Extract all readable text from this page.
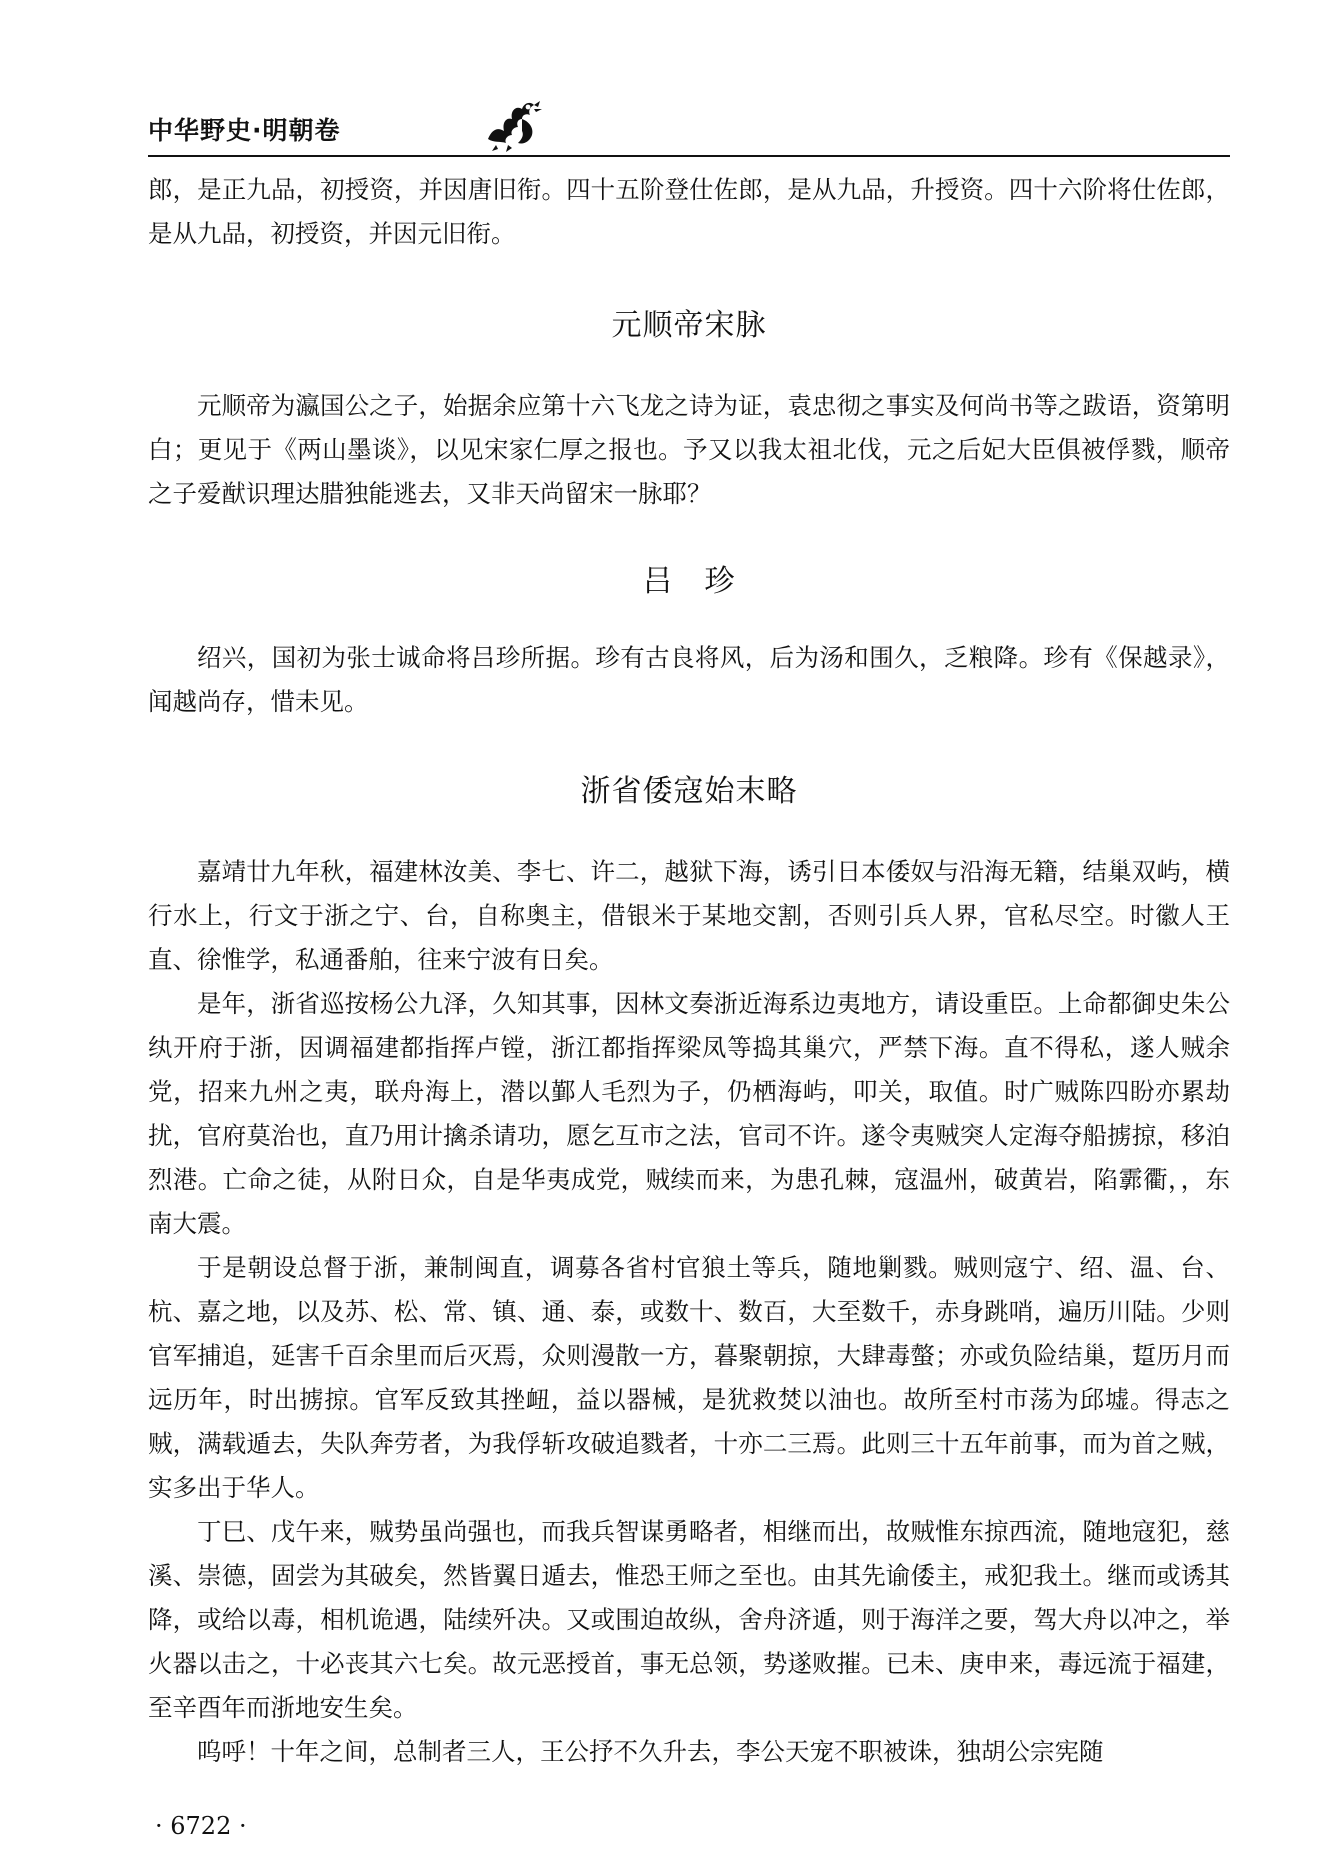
中华野史·明朝卷

郎，是正九品，初授资，并因唐旧衔。四十五阶登仕佐郎，是从九品，升授资。四十六阶将仕佐郎，是从九品，初授资，并因元旧衔。

元顺帝宋脉

元顺帝为瀛国公之子，始据余应第十六飞龙之诗为证，袁忠彻之事实及何尚书等之跋语，资第明白；更见于《两山墨谈》，以见宋家仁厚之报也。予又以我太祖北伐，元之后妃大臣俱被俘戮，顺帝之子爱猷识理达腊独能逃去，又非天尚留宋一脉耶？

吕　珍

绍兴，国初为张士诚命将吕珍所据。珍有古良将风，后为汤和围久，乏粮降。珍有《保越录》，闻越尚存，惜未见。

浙省倭寇始末略

嘉靖廿九年秋，福建林汝美、李七、许二，越狱下海，诱引日本倭奴与沿海无籍，结巢双屿，横行水上，行文于浙之宁、台，自称奥主，借银米于某地交割，否则引兵人界，官私尽空。时徽人王直、徐惟学，私通番舶，往来宁波有日矣。

是年，浙省巡按杨公九泽，久知其事，因林文奏浙近海系边夷地方，请设重臣。上命都御史朱公纨开府于浙，因调福建都指挥卢镗，浙江都指挥梁凤等捣其巢穴，严禁下海。直不得私，遂人贼余党，招来九州之夷，联舟海上，潜以鄞人毛烈为子，仍栖海屿，叩关，取值。时广贼陈四盼亦累劫扰，官府莫治也，直乃用计擒杀请功，愿乞互市之法，官司不许。遂令夷贼突人定海夺船掳掠，移泊烈港。亡命之徒，从附日众，自是华夷成党，贼续而来，为患孔棘，寇温州，破黄岩，陷霩衢，，东南大震。

于是朝设总督于浙，兼制闽直，调募各省村官狼土等兵，随地剿戮。贼则寇宁、绍、温、台、杭、嘉之地，以及苏、松、常、镇、通、泰，或数十、数百，大至数千，赤身跳哨，遍历川陆。少则官军捕追，延害千百余里而后灭焉，众则漫散一方，暮聚朝掠，大肆毒螫；亦或负险结巢，踅历月而远历年，时出掳掠。官军反致其挫衄，益以器械，是犹救焚以油也。故所至村市荡为邱墟。得志之贼，满载遁去，失队奔劳者，为我俘斩攻破追戮者，十亦二三焉。此则三十五年前事，而为首之贼，实多出于华人。

丁巳、戊午来，贼势虽尚强也，而我兵智谋勇略者，相继而出，故贼惟东掠西流，随地寇犯，慈溪、崇德，固尝为其破矣，然皆翼日遁去，惟恐王师之至也。由其先谕倭主，戒犯我土。继而或诱其降，或给以毒，相机诡遇，陆续歼决。又或围迫故纵，舍舟济遁，则于海洋之要，驾大舟以冲之，举火器以击之，十必丧其六七矣。故元恶授首，事无总领，势遂败摧。已未、庚申来，毒远流于福建，至辛酉年而浙地安生矣。

呜呼！十年之间，总制者三人，王公抒不久升去，李公天宠不职被诛，独胡公宗宪随

· 6722 ·
